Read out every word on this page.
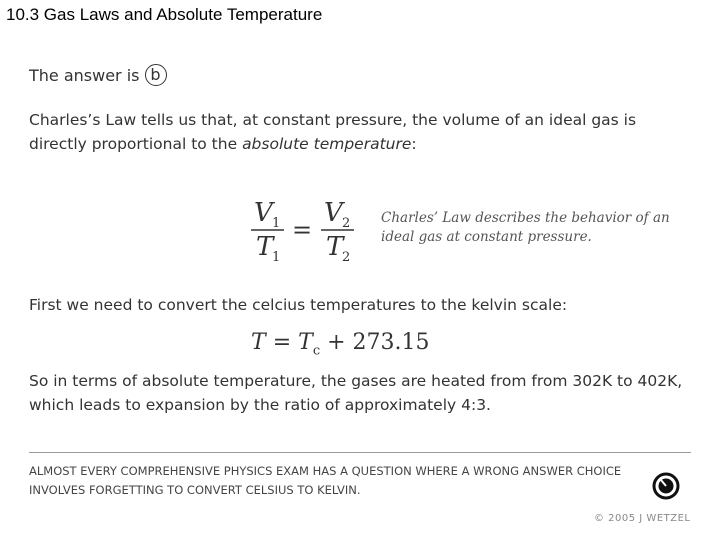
10.3 Gas Laws and Absolute Temperature
The answer is b
Charles’s Law tells us that, at constant pressure, the volume of an ideal gas is directly proportional to the absolute temperature:
V 1
T
1
V 2
T
2
=	Charles’ Law describes the behavior of an ideal gas at constant pressure.
First we need to convert the celcius temperatures to the kelvin scale:
$T = T_c + 273.15$
So in terms of absolute temperature, the gases are heated from from 302K to 402K, which leads to expansion by the ratio of approximately 4:3.
ALMOST EVERY COMPREHENSIVE PHYSICS EXAM HAS A QUESTION WHERE A WRONG ANSWER CHOICE INVOLVES FORGETTING TO CONVERT CELSIUS TO KELVIN.
© 2005 J WETZEL
